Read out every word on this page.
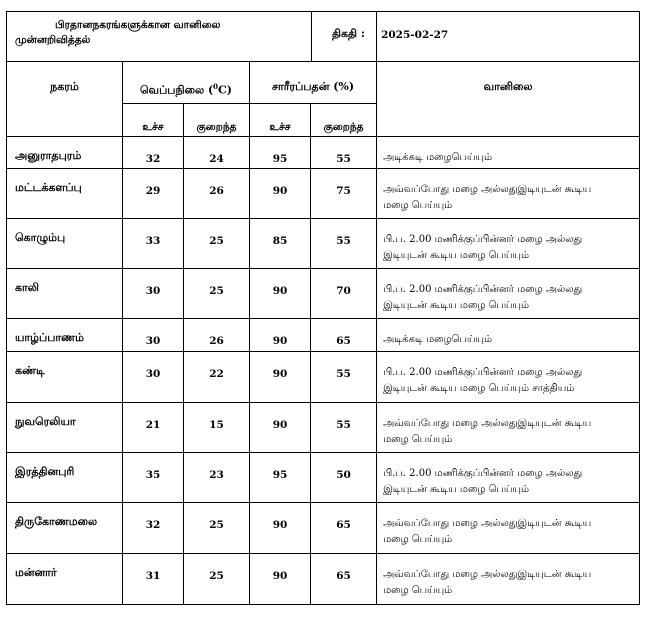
பிரதானநகரங்களுக்கான வானிலை
முன்னறிவித்தல் திகதி :					2025-02-27

நகரம்	வெப்பநிலை ($^0$C)		சாரீரப்பதன் (%)		வானிலை

	உச்ச	குறைந்த	உச்ச	குறைந்த	
அனுராதபுரம்	32	24	95	55	அடிக்கடி மழைபெய்யும்

மட்டக்களப்பு	29	26	90	75	அவ்வப்போது மழை அல்லதுஇடியுடன் கூடிய
மழை பெய்யும்

கொழும்பு	33	25	85	55	பி.ப. 2.00 மணிக்குப்பின்னர் மழை அல்லது
இடியுடன் கூடிய மழை பெய்யும்

காலி	30	25	90	70	பி.ப. 2.00 மணிக்குப்பின்னர் மழை அல்லது
இடியுடன் கூடிய மழை பெய்யும்

யாழ்ப்பாணம்	30	26	90	65	அடிக்கடி மழைபெய்யும்

கண்டி	30	22	90	55	பி.ப. 2.00 மணிக்குப்பின்னர் மழை அல்லது
இடியுடன் கூடிய மழை பெய்யும் சாத்தியம்

நுவரெலியா	21	15	90	55	அவ்வப்போது மழை அல்லதுஇடியுடன் கூடிய
மழை பெய்யும்

இரத்தினபுரி	35	23	95	50	பி.ப. 2.00 மணிக்குப்பின்னர் மழை அல்லது
இடியுடன் கூடிய மழை பெய்யும்

திருகோணமலை	32	25	90	65	அவ்வப்போது மழை அல்லதுஇடியுடன் கூடிய
மழை பெய்யும்

மன்னார்	31	25	90	65	அவ்வப்போது மழை அல்லதுஇடியுடன் கூடிய
மழை பெய்யும்
